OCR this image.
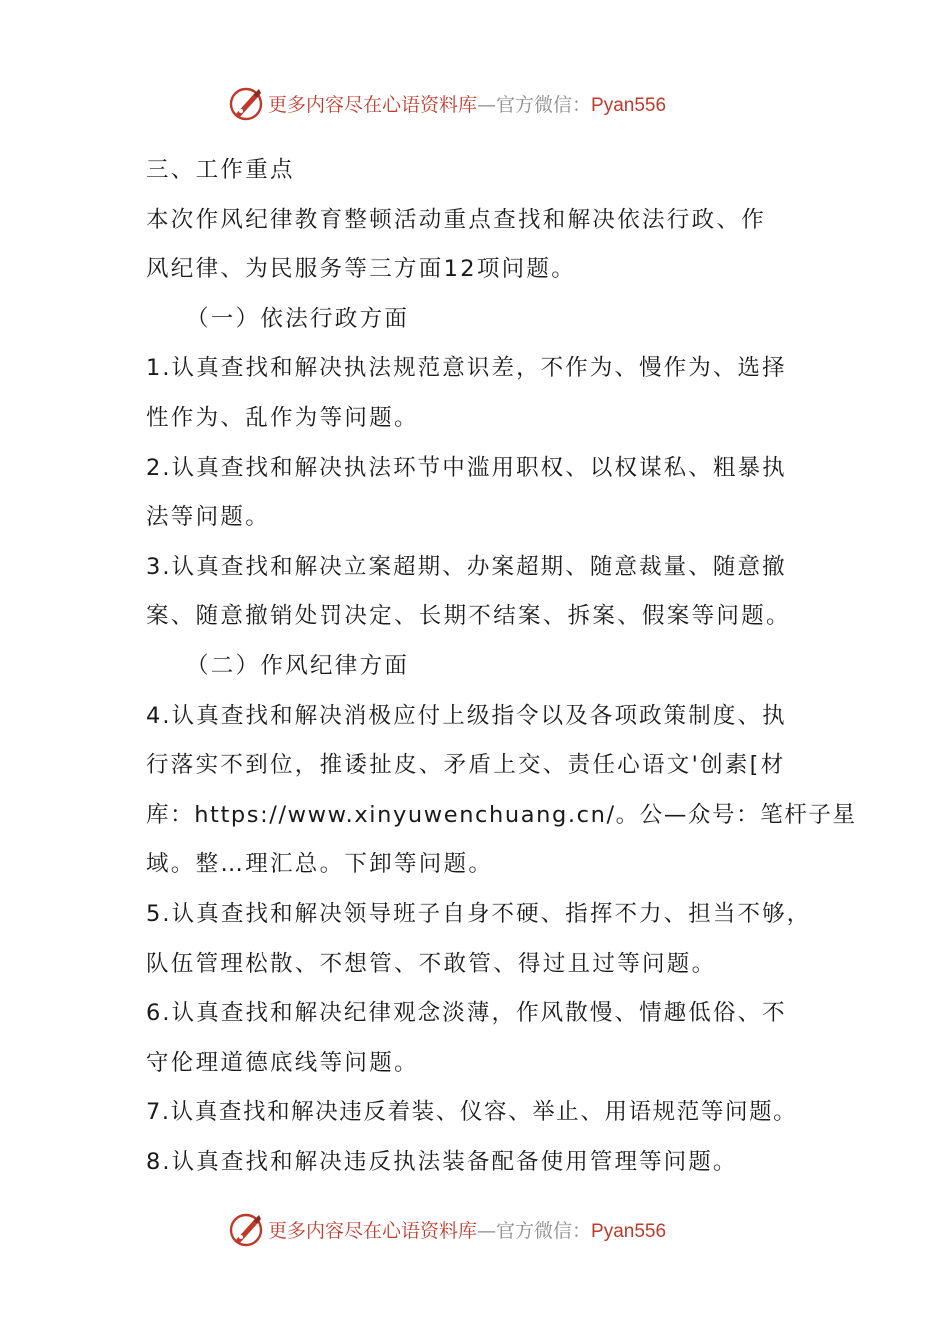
更多内容尽在心语资料库—官方微信：Pyan556
三、工作重点
本次作风纪律教育整顿活动重点查找和解决依法行政、作
风纪律、为民服务等三方面12项问题。
（一）依法行政方面
1.认真查找和解决执法规范意识差，不作为、慢作为、选择
性作为、乱作为等问题。
2.认真查找和解决执法环节中滥用职权、以权谋私、粗暴执
法等问题。
3.认真查找和解决立案超期、办案超期、随意裁量、随意撤
案、随意撤销处罚决定、长期不结案、拆案、假案等问题。
（二）作风纪律方面
4.认真查找和解决消极应付上级指令以及各项政策制度、执
行落实不到位，推诿扯皮、矛盾上交、责任心语文'创素[材
库：https://www.xinyuwenchuang.cn/。公—众号：笔杆子星
域。整…理汇总。下卸等问题。
5.认真查找和解决领导班子自身不硬、指挥不力、担当不够，
队伍管理松散、不想管、不敢管、得过且过等问题。
6.认真查找和解决纪律观念淡薄，作风散慢、情趣低俗、不
守伦理道德底线等问题。
7.认真查找和解决违反着装、仪容、举止、用语规范等问题。
8.认真查找和解决违反执法装备配备使用管理等问题。
更多内容尽在心语资料库—官方微信：Pyan556
